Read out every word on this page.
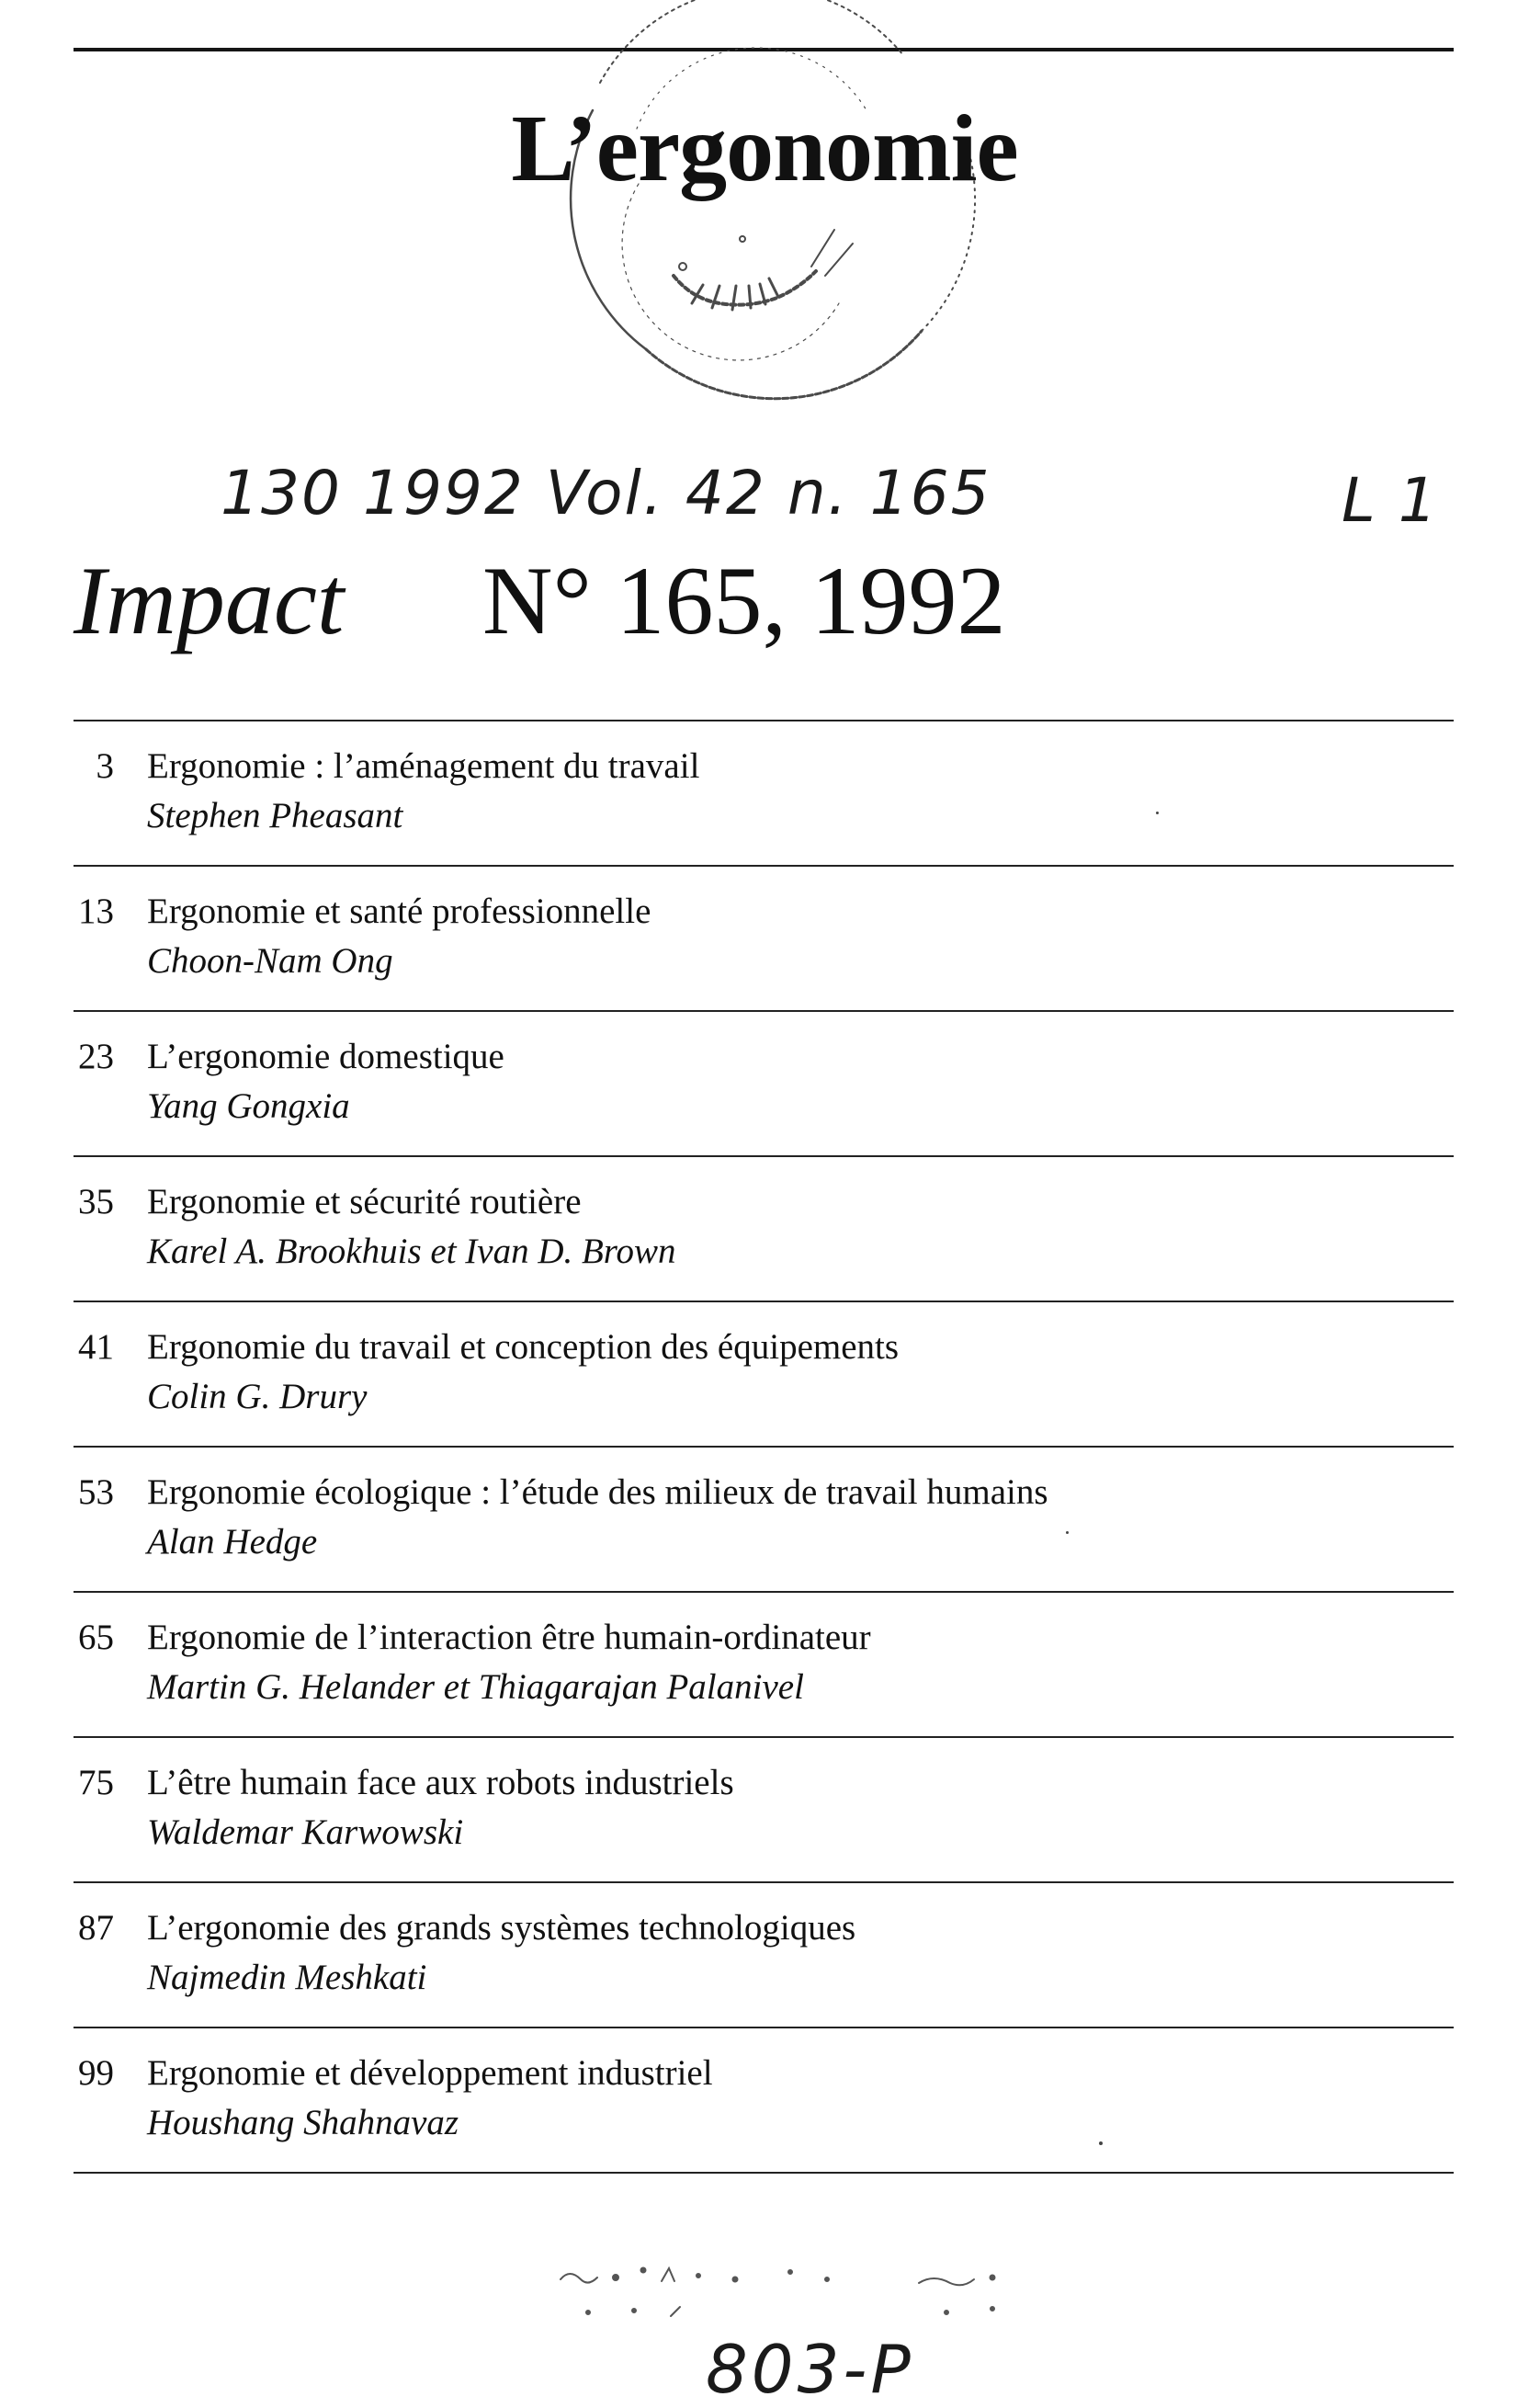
L’ergonomie
130 1992 Vol. 42 n. 165	L 1
Impact N° 165, 1992
3 Ergonomie : l’aménagement du travail
Stephen Pheasant
13 Ergonomie et santé professionnelle
Choon-Nam Ong
23 L’ergonomie domestique
Yang Gongxia
35 Ergonomie et sécurité routière
Karel A. Brookhuis et Ivan D. Brown
41 Ergonomie du travail et conception des équipements
Colin G. Drury
53 Ergonomie écologique : l’étude des milieux de travail humains
Alan Hedge
65 Ergonomie de l’interaction être humain-ordinateur
Martin G. Helander et Thiagarajan Palanivel
75 L’être humain face aux robots industriels
Waldemar Karwowski
87 L’ergonomie des grands systèmes technologiques
Najmedin Meshkati
99 Ergonomie et développement industriel
Houshang Shahnavaz
803-P
